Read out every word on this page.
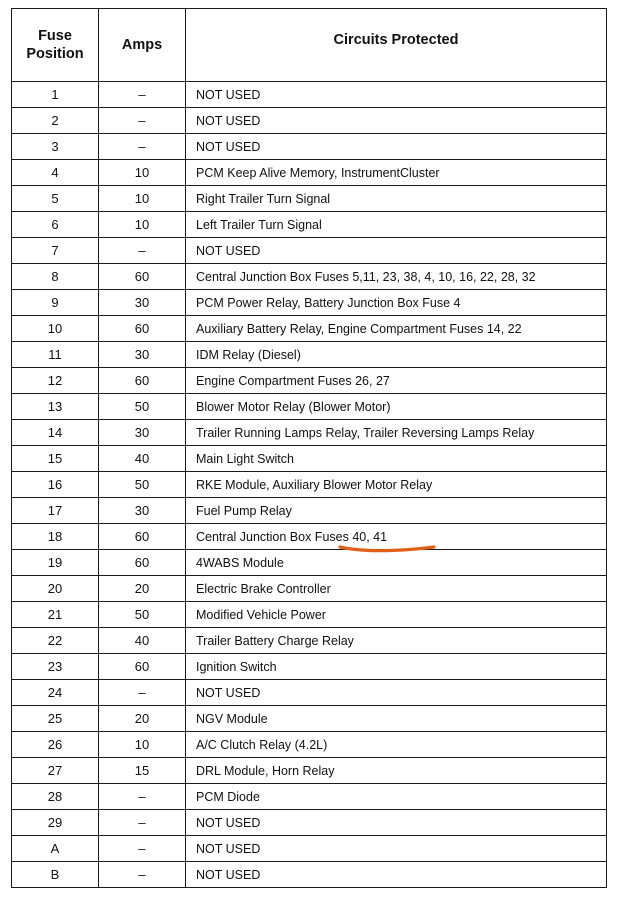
Fuse
Position	Amps	Circuits Protected
1	–	NOT USED
2	–	NOT USED
3	–	NOT USED
4	10	PCM Keep Alive Memory, InstrumentCluster
5	10	Right Trailer Turn Signal
6	10	Left Trailer Turn Signal
7	–	NOT USED
8	60	Central Junction Box Fuses 5,11, 23, 38, 4, 10, 16, 22, 28, 32
9	30	PCM Power Relay, Battery Junction Box Fuse 4
10	60	Auxiliary Battery Relay, Engine Compartment Fuses 14, 22
11	30	IDM Relay (Diesel)
12	60	Engine Compartment Fuses 26, 27
13	50	Blower Motor Relay (Blower Motor)
14	30	Trailer Running Lamps Relay, Trailer Reversing Lamps Relay
15	40	Main Light Switch
16	50	RKE Module, Auxiliary Blower Motor Relay
17	30	Fuel Pump Relay
18	60	Central Junction Box Fuses 40, 41
19	60	4WABS Module
20	20	Electric Brake Controller
21	50	Modified Vehicle Power
22	40	Trailer Battery Charge Relay
23	60	Ignition Switch
24	–	NOT USED
25	20	NGV Module
26	10	A/C Clutch Relay (4.2L)
27	15	DRL Module, Horn Relay
28	–	PCM Diode
29	–	NOT USED
A	–	NOT USED
B	–	NOT USED
